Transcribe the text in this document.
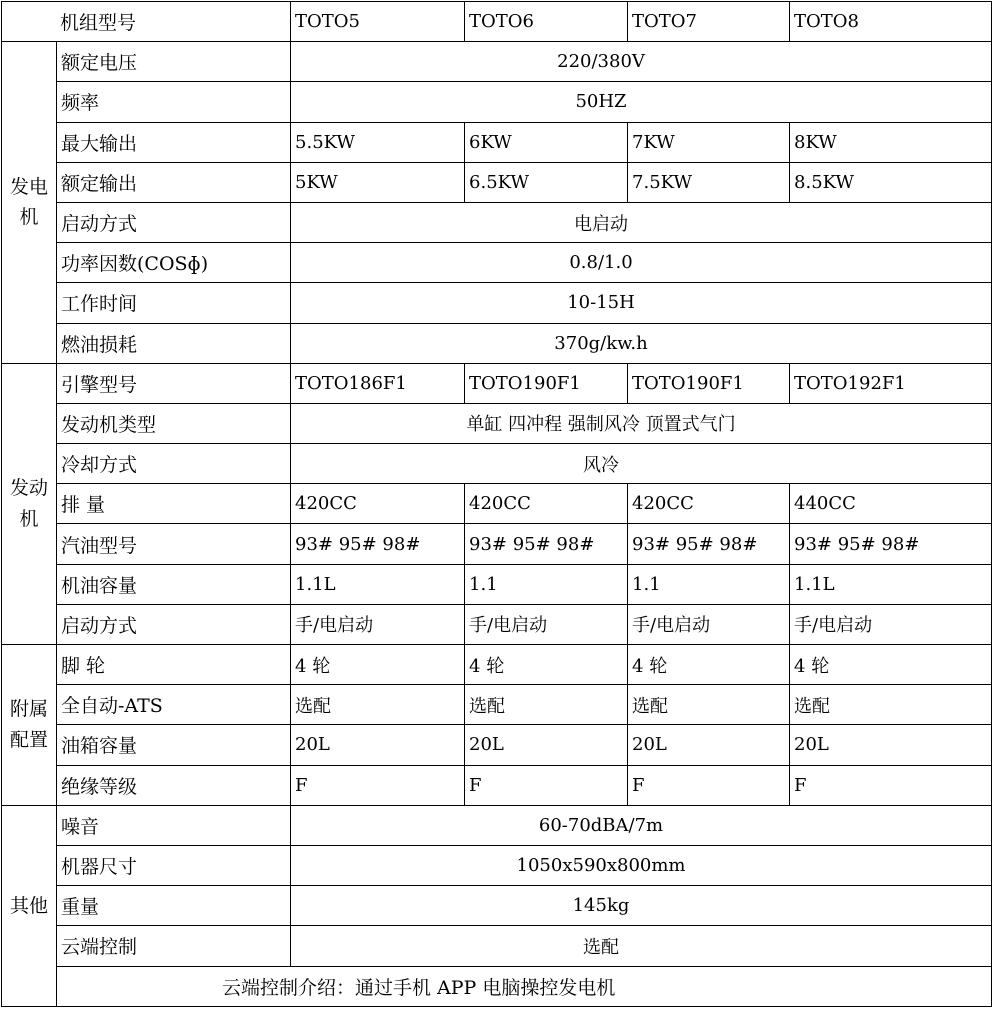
机组型号		TOTO5	TOTO6	TOTO7	TOTO8
发电机	额定电压	220/380V			
	频率	50HZ			
	最大输出	5.5KW	6KW	7KW	8KW
	额定输出	5KW	6.5KW	7.5KW	8.5KW
	启动方式	电启动			
	功率因数(COSɸ)	0.8/1.0			
	工作时间	10-15H			
	燃油损耗	370g/kw.h			
发动机	引擎型号	TOTO186F1	TOTO190F1	TOTO190F1	TOTO192F1
	发动机类型	单缸 四冲程 强制风冷 顶置式气门			
	冷却方式	风冷			
	排 量	420CC	420CC	420CC	440CC
	汽油型号	93# 95# 98#	93# 95# 98#	93# 95# 98#	93# 95# 98#
	机油容量	1.1L	1.1	1.1	1.1L
	启动方式	手/电启动	手/电启动	手/电启动	手/电启动
附属配置	脚 轮	4 轮	4 轮	4 轮	4 轮
	全自动-ATS	选配	选配	选配	选配
	油箱容量	20L	20L	20L	20L
	绝缘等级	F	F	F	F
其他	噪音	60-70dBA/7m			
	机器尺寸	1050x590x800mm			
	重量	145kg			
	云端控制	选配			
	云端控制介绍：通过手机 APP 电脑操控发电机				
